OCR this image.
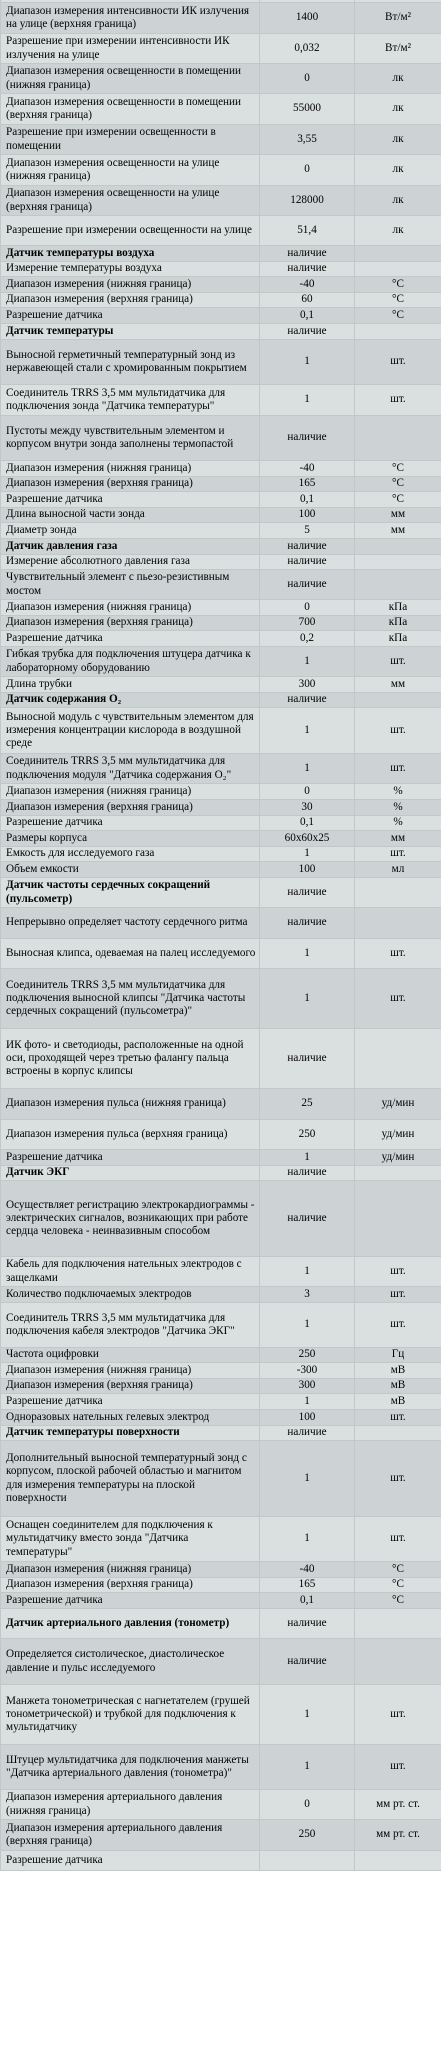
Диапазон измерения интенсивности ИК излучения на улице (верхняя граница)	1400	Вт/м²
Разрешение при измерении интенсивности ИК излучения на улице	0,032	Вт/м²
Диапазон измерения освещенности в помещении (нижняя граница)	0	лк
Диапазон измерения освещенности в помещении (верхняя граница)	55000	лк
Разрешение при измерении освещенности в помещении	3,55	лк
Диапазон измерения освещенности на улице (нижняя граница)	0	лк
Диапазон измерения освещенности на улице (верхняя граница)	128000	лк
Разрешение при измерении освещенности на улице	51,4	лк
Датчик температуры воздуха	наличие	
Измерение температуры воздуха	наличие	
Диапазон измерения (нижняя граница)	-40	°С
Диапазон измерения (верхняя граница)	60	°С
Разрешение датчика	0,1	°С
Датчик температуры	наличие	
Выносной герметичный температурный зонд из нержавеющей стали с хромированным покрытием	1	шт.
Соединитель TRRS 3,5 мм мультидатчика для подключения зонда "Датчика температуры"	1	шт.
Пустоты между чувствительным элементом и корпусом внутри зонда заполнены термопастой	наличие	
Диапазон измерения (нижняя граница)	-40	°С
Диапазон измерения (верхняя граница)	165	°С
Разрешение датчика	0,1	°С
Длина выносной части зонда	100	мм
Диаметр зонда	5	мм
Датчик давления газа	наличие	
Измерение абсолютного давления газа	наличие	
Чувствительный элемент с пьезо-резистивным мостом	наличие	
Диапазон измерения (нижняя граница)	0	кПа
Диапазон измерения (верхняя граница)	700	кПа
Разрешение датчика	0,2	кПа
Гибкая трубка для подключения штуцера датчика к лабораторному оборудованию	1	шт.
Длина трубки	300	мм
Датчик содержания O₂	наличие	
Выносной модуль с чувствительным элементом для измерения концентрации кислорода в воздушной среде	1	шт.
Соединитель TRRS 3,5 мм мультидатчика для подключения модуля "Датчика содержания O₂"	1	шт.
Диапазон измерения (нижняя граница)	0	%
Диапазон измерения (верхняя граница)	30	%
Разрешение датчика	0,1	%
Размеры корпуса	60x60x25	мм
Емкость для исследуемого газа	1	шт.
Объем емкости	100	мл
Датчик частоты сердечных сокращений (пульсометр)	наличие	
Непрерывно определяет частоту сердечного ритма	наличие	
Выносная клипса, одеваемая на палец исследуемого	1	шт.
Соединитель TRRS 3,5 мм мультидатчика для подключения выносной клипсы "Датчика частоты сердечных сокращений (пульсометра)"	1	шт.
ИК фото- и светодиоды, расположенные на одной оси, проходящей через третью фалангу пальца встроены в корпус клипсы	наличие	
Диапазон измерения пульса (нижняя граница)	25	уд/мин
Диапазон измерения пульса (верхняя граница)	250	уд/мин
Разрешение датчика	1	уд/мин
Датчик ЭКГ	наличие	
Осуществляет регистрацию электрокардиограммы - электрических сигналов, возникающих при работе сердца человека - неинвазивным способом	наличие	
Кабель для подключения нательных электродов с защелками	1	шт.
Количество подключаемых электродов	3	шт.
Соединитель TRRS 3,5 мм мультидатчика для подключения кабеля электродов "Датчика ЭКГ"	1	шт.
Частота оцифровки	250	Гц
Диапазон измерения (нижняя граница)	-300	мВ
Диапазон измерения (верхняя граница)	300	мВ
Разрешение датчика	1	мВ
Одноразовых нательных гелевых электрод	100	шт.
Датчик температуры поверхности	наличие	
Дополнительный выносной температурный зонд с корпусом, плоской рабочей областью и магнитом для измерения температуры на плоской поверхности	1	шт.
Оснащен соединителем для подключения к мультидатчику вместо зонда "Датчика температуры"	1	шт.
Диапазон измерения (нижняя граница)	-40	°С
Диапазон измерения (верхняя граница)	165	°С
Разрешение датчика	0,1	°С
Датчик артериального давления (тонометр)	наличие	
Определяется систолическое, диастолическое давление и пульс исследуемого	наличие	
Манжета тонометрическая с нагнетателем (грушей тонометрической) и трубкой для подключения к мультидатчику	1	шт.
Штуцер мультидатчика для подключения манжеты "Датчика артериального давления (тонометра)"	1	шт.
Диапазон измерения артериального давления (нижняя граница)	0	мм рт. ст.
Диапазон измерения артериального давления (верхняя граница)	250	мм рт. ст.
Разрешение датчика		
